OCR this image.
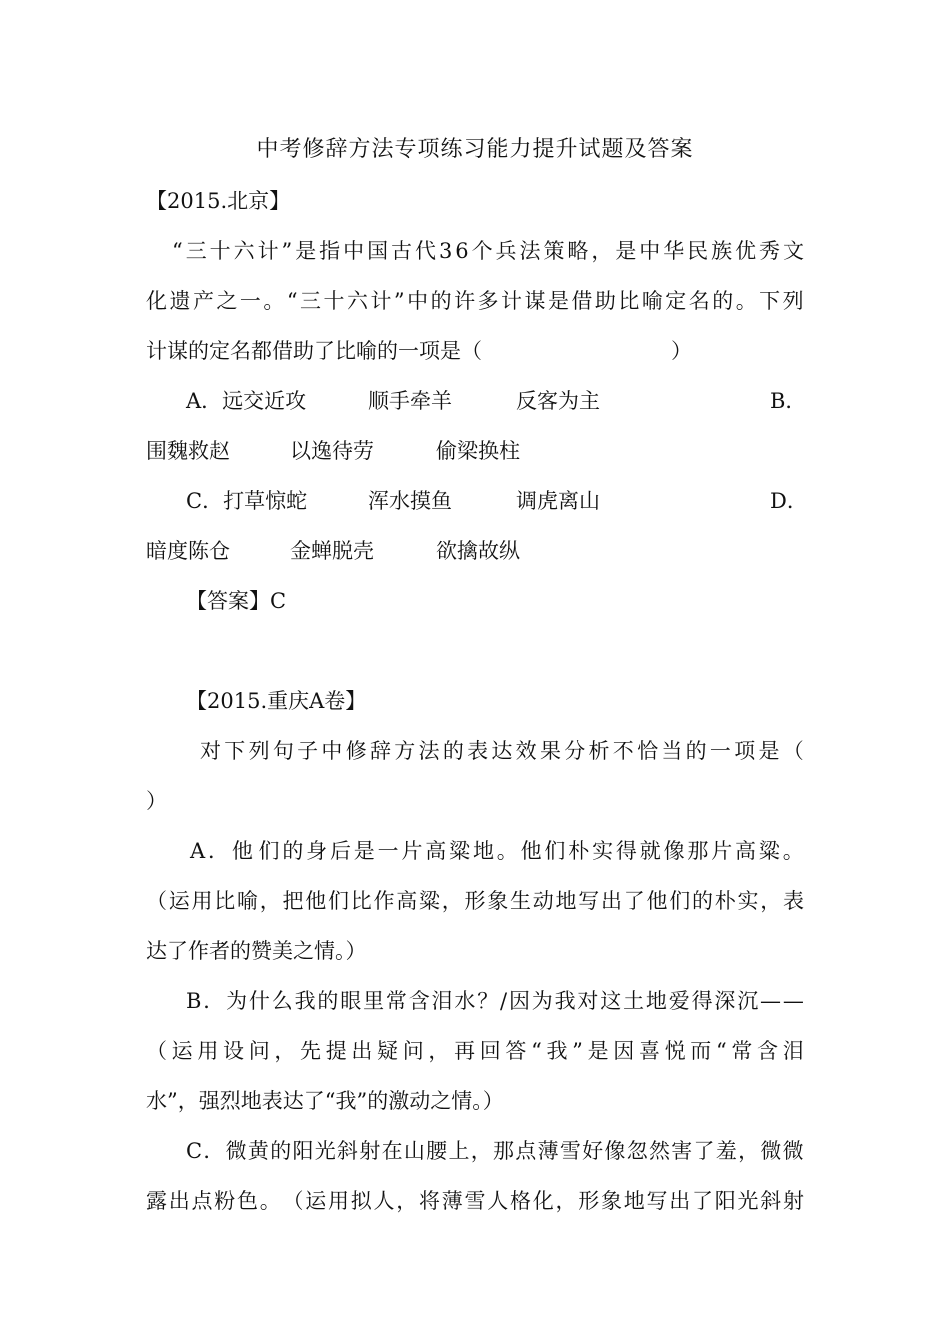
中考修辞方法专项练习能力提升试题及答案
【2015.北京】
“ 三 十 六 计 ” 是 指 中 国 古 代 3 6 个 兵 法 策 略 ， 是 中 华 民 族 优 秀 文
化 遗 产 之 一 。 “ 三 十 六 计 ” 中 的 许 多 计 谋 是 借 助 比 喻 定 名 的 。 下 列
计谋的定名都借助了比喻的一项是（　　　　　　　　　）
A．远交近攻	顺手牵羊	反客为主	B．
围魏救赵	以逸待劳	偷梁换柱
C．打草惊蛇	浑水摸鱼	调虎离山	D．
暗度陈仓	金蝉脱壳	欲擒故纵
【答案】C
【2015.重庆A卷】
对 下 列 句 子 中 修 辞 方 法 的 表 达 效 果 分 析 不 恰 当 的 一 项 是 （
）
A ． 他 们 的 身 后 是 一 片 高 粱 地 。 他 们 朴 实 得 就 像 那 片 高 粱 。
（ 运 用 比 喻 ， 把 他 们 比 作 高 粱 ， 形 象 生 动 地 写 出 了 他 们 的 朴 实 ， 表
达了作者的赞美之情。）
B ． 为 什 么 我 的 眼 里 常 含 泪 水 ？ / 因 为 我 对 这 土 地 爱 得 深 沉 — —
（ 运 用 设 问 ， 先 提 出 疑 问 ， 再 回 答 “ 我 ” 是 因 喜 悦 而 “ 常 含 泪
水”，强烈地表达了“我”的激动之情。）
C ． 微 黄 的 阳 光 斜 射 在 山 腰 上 ， 那 点 薄 雪 好 像 忽 然 害 了 羞 ， 微 微
露 出 点 粉 色 。 （ 运 用 拟 人 ， 将 薄 雪 人 格 化 ， 形 象 地 写 出 了 阳 光 斜 射
